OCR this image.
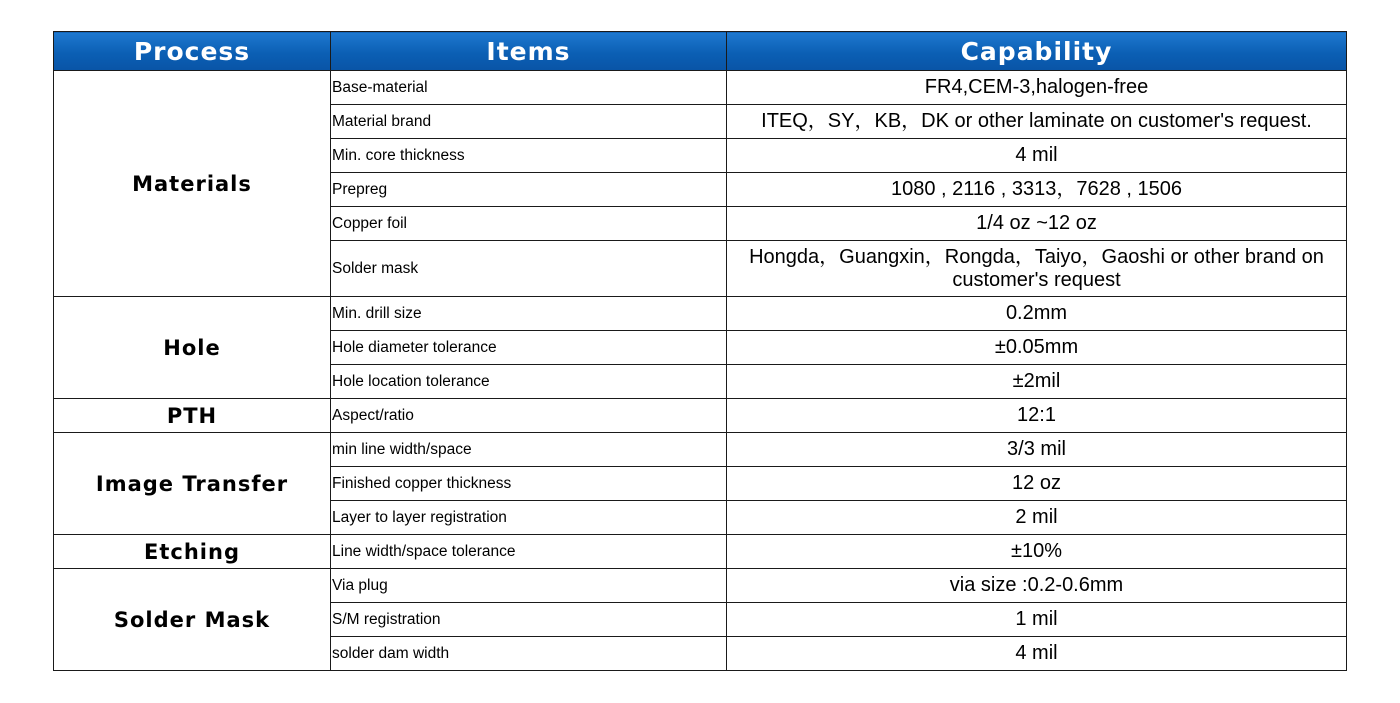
Process	Items	Capability
Materials	Base-material	FR4,CEM-3,halogen-free
	Material brand	ITEQ，SY，KB，DK or other laminate on customer's request.
	Min. core thickness	4 mil
	Prepreg	1080 , 2116 , 3313，7628 , 1506
	Copper foil	1/4 oz ~12 oz
	Solder mask	Hongda，Guangxin，Rongda，Taiyo，Gaoshi or other brand on customer's request
Hole	Min. drill size	0.2mm
	Hole diameter tolerance	±0.05mm
	Hole location tolerance	±2mil
PTH	Aspect/ratio	12:1
Image Transfer	min line width/space	3/3 mil
	Finished copper thickness	12 oz
	Layer to layer registration	2 mil
Etching	Line width/space tolerance	±10%
Solder Mask	Via plug	via size :0.2-0.6mm
	S/M registration	1 mil
	solder dam width	4 mil
